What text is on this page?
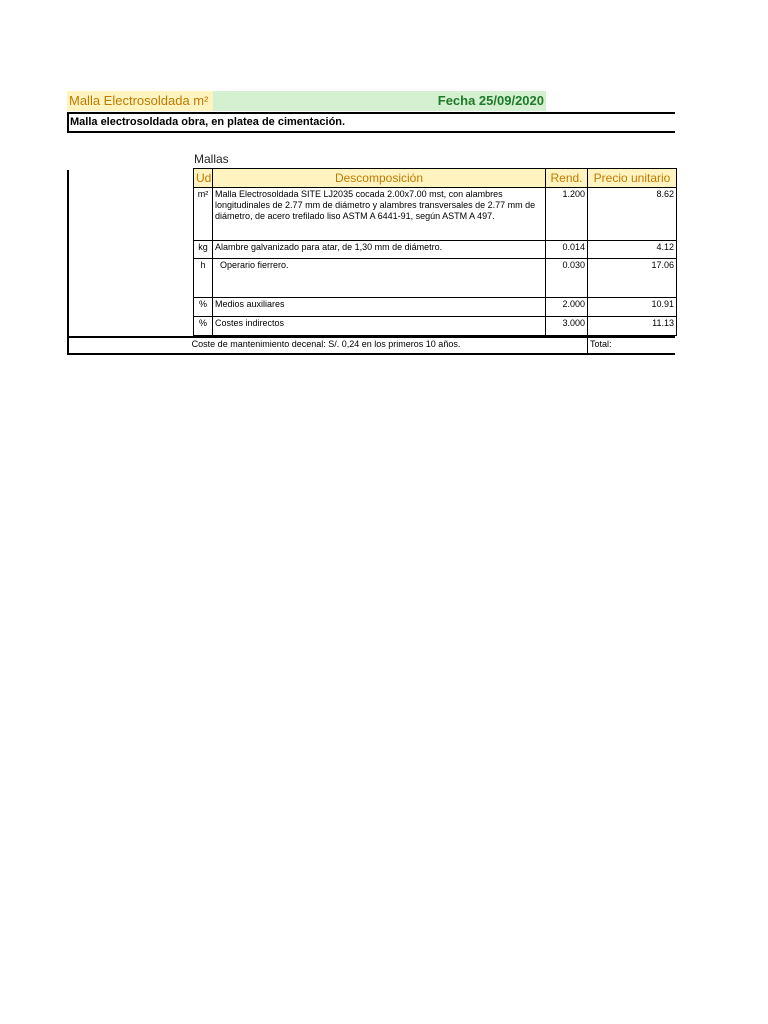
Malla Electrosoldada m²	Fecha 25/09/2020
Malla electrosoldada obra, en platea de cimentación.
Mallas
Ud	Descomposición	Rend.	Precio unitario
m²	Malla Electrosoldada SITE LJ2035 cocada 2.00x7.00 mst, con alambres longitudinales de 2.77 mm de diámetro y alambres transversales de 2.77 mm de diámetro, de acero trefilado liso ASTM A 6441-91, según ASTM A 497.	1.200	8.62
kg	Alambre galvanizado para atar, de 1,30 mm de diámetro.	0.014	4.12
h	Operario fierrero.	0.030	17.06
%	Medios auxiliares	2.000	10.91
%	Costes indirectos	3.000	11.13
Coste de mantenimiento decenal: S/. 0,24 en los primeros 10 años.	Total:
